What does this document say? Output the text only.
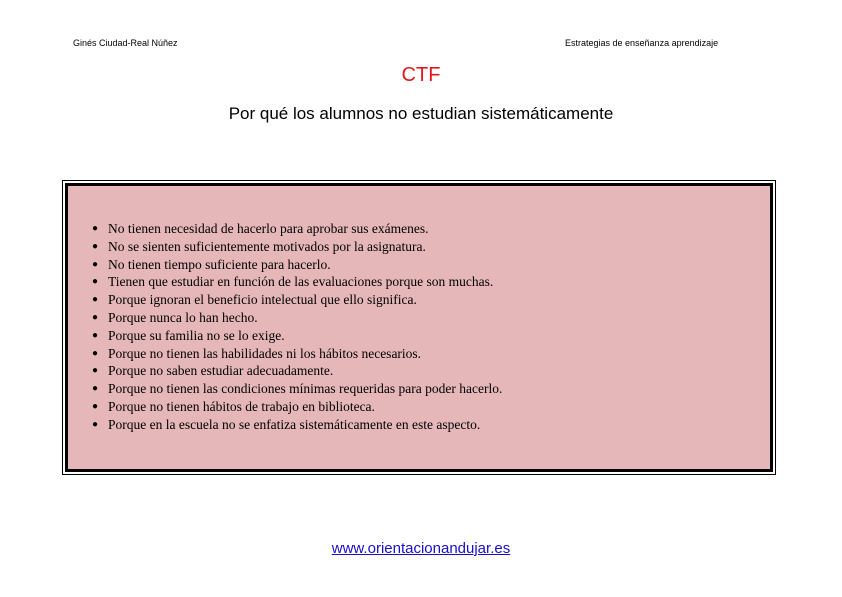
Ginés Ciudad-Real Núñez	Estrategias de enseñanza aprendizaje
CTF
Por qué los alumnos no estudian sistemáticamente
● No tienen necesidad de hacerlo para aprobar sus exámenes.
● No se sienten suficientemente motivados por la asignatura.
● No tienen tiempo suficiente para hacerlo.
● Tienen que estudiar en función de las evaluaciones porque son muchas.
● Porque ignoran el beneficio intelectual que ello significa.
● Porque nunca lo han hecho.
● Porque su familia no se lo exige.
● Porque no tienen las habilidades ni los hábitos necesarios.
● Porque no saben estudiar adecuadamente.
● Porque no tienen las condiciones mínimas requeridas para poder hacerlo.
● Porque no tienen hábitos de trabajo en biblioteca.
● Porque en la escuela no se enfatiza sistemáticamente en este aspecto.
www.orientacionandujar.es
